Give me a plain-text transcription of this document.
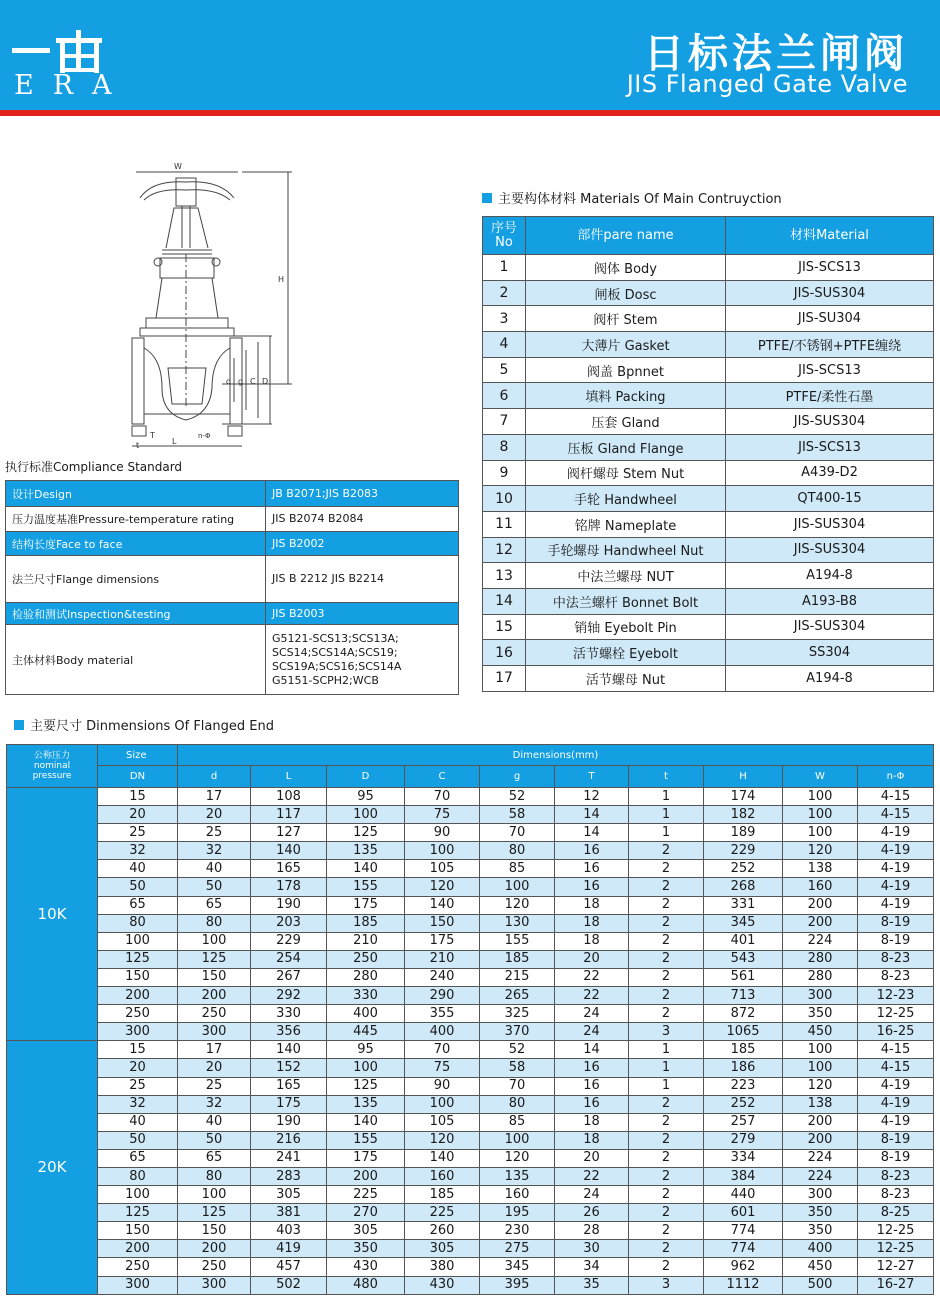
ERA
日标法兰闸阀
JIS Flanged Gate Valve
W
H
D
C
g
d
L
T
t
n-Φ
主要构体材料 Materials Of Main Contruyction
序号
No	部件pare name	材料Material
1	阀体 Body	JIS-SCS13
2	闸板 Dosc	JIS-SUS304
3	阀杆 Stem	JIS-SU304
4	大薄片 Gasket	PTFE/不锈钢+PTFE缠绕
5	阀盖 Bpnnet	JIS-SCS13
6	填料 Packing	PTFE/柔性石墨
7	压套 Gland	JIS-SUS304
8	压板 Gland Flange	JIS-SCS13
9	阀杆螺母 Stem Nut	A439-D2
10	手轮 Handwheel	QT400-15
11	铭牌 Nameplate	JIS-SUS304
12	手轮螺母 Handwheel Nut	JIS-SUS304
13	中法兰螺母 NUT	A194-8
14	中法兰螺杆 Bonnet Bolt	A193-B8
15	销轴 Eyebolt Pin	JIS-SUS304
16	活节螺栓 Eyebolt	SS304
17	活节螺母 Nut	A194-8
执行标准Compliance Standard
设计Design	JB B2071;JIS B2083
压力温度基准Pressure-temperature rating	JIS B2074 B2084
结构长度Face to face	JIS B2002
法兰尺寸Flange dimensions	JIS B 2212 JIS B2214
检验和测试Inspection&testing	JIS B2003
主体材料Body material	G5121-SCS13;SCS13A;
SCS14;SCS14A;SCS19;
SCS19A;SCS16;SCS14A
G5151-SCPH2;WCB
主要尺寸 Dinmensions Of Flanged End
公称压力
nominal
pressure	Size	Dimensions(mm)									
	DN	d	L	D	C	g	T	t	H	W	n-Φ
10K	15	17	108	95	70	52	12	1	174	100	4-15
	20	20	117	100	75	58	14	1	182	100	4-15
	25	25	127	125	90	70	14	1	189	100	4-19
	32	32	140	135	100	80	16	2	229	120	4-19
	40	40	165	140	105	85	16	2	252	138	4-19
	50	50	178	155	120	100	16	2	268	160	4-19
	65	65	190	175	140	120	18	2	331	200	4-19
	80	80	203	185	150	130	18	2	345	200	8-19
	100	100	229	210	175	155	18	2	401	224	8-19
	125	125	254	250	210	185	20	2	543	280	8-23
	150	150	267	280	240	215	22	2	561	280	8-23
	200	200	292	330	290	265	22	2	713	300	12-23
	250	250	330	400	355	325	24	2	872	350	12-25
	300	300	356	445	400	370	24	3	1065	450	16-25
20K	15	17	140	95	70	52	14	1	185	100	4-15
	20	20	152	100	75	58	16	1	186	100	4-15
	25	25	165	125	90	70	16	1	223	120	4-19
	32	32	175	135	100	80	16	2	252	138	4-19
	40	40	190	140	105	85	18	2	257	200	4-19
	50	50	216	155	120	100	18	2	279	200	8-19
	65	65	241	175	140	120	20	2	334	224	8-19
	80	80	283	200	160	135	22	2	384	224	8-23
	100	100	305	225	185	160	24	2	440	300	8-23
	125	125	381	270	225	195	26	2	601	350	8-25
	150	150	403	305	260	230	28	2	774	350	12-25
	200	200	419	350	305	275	30	2	774	400	12-25
	250	250	457	430	380	345	34	2	962	450	12-27
	300	300	502	480	430	395	35	3	1112	500	16-27
